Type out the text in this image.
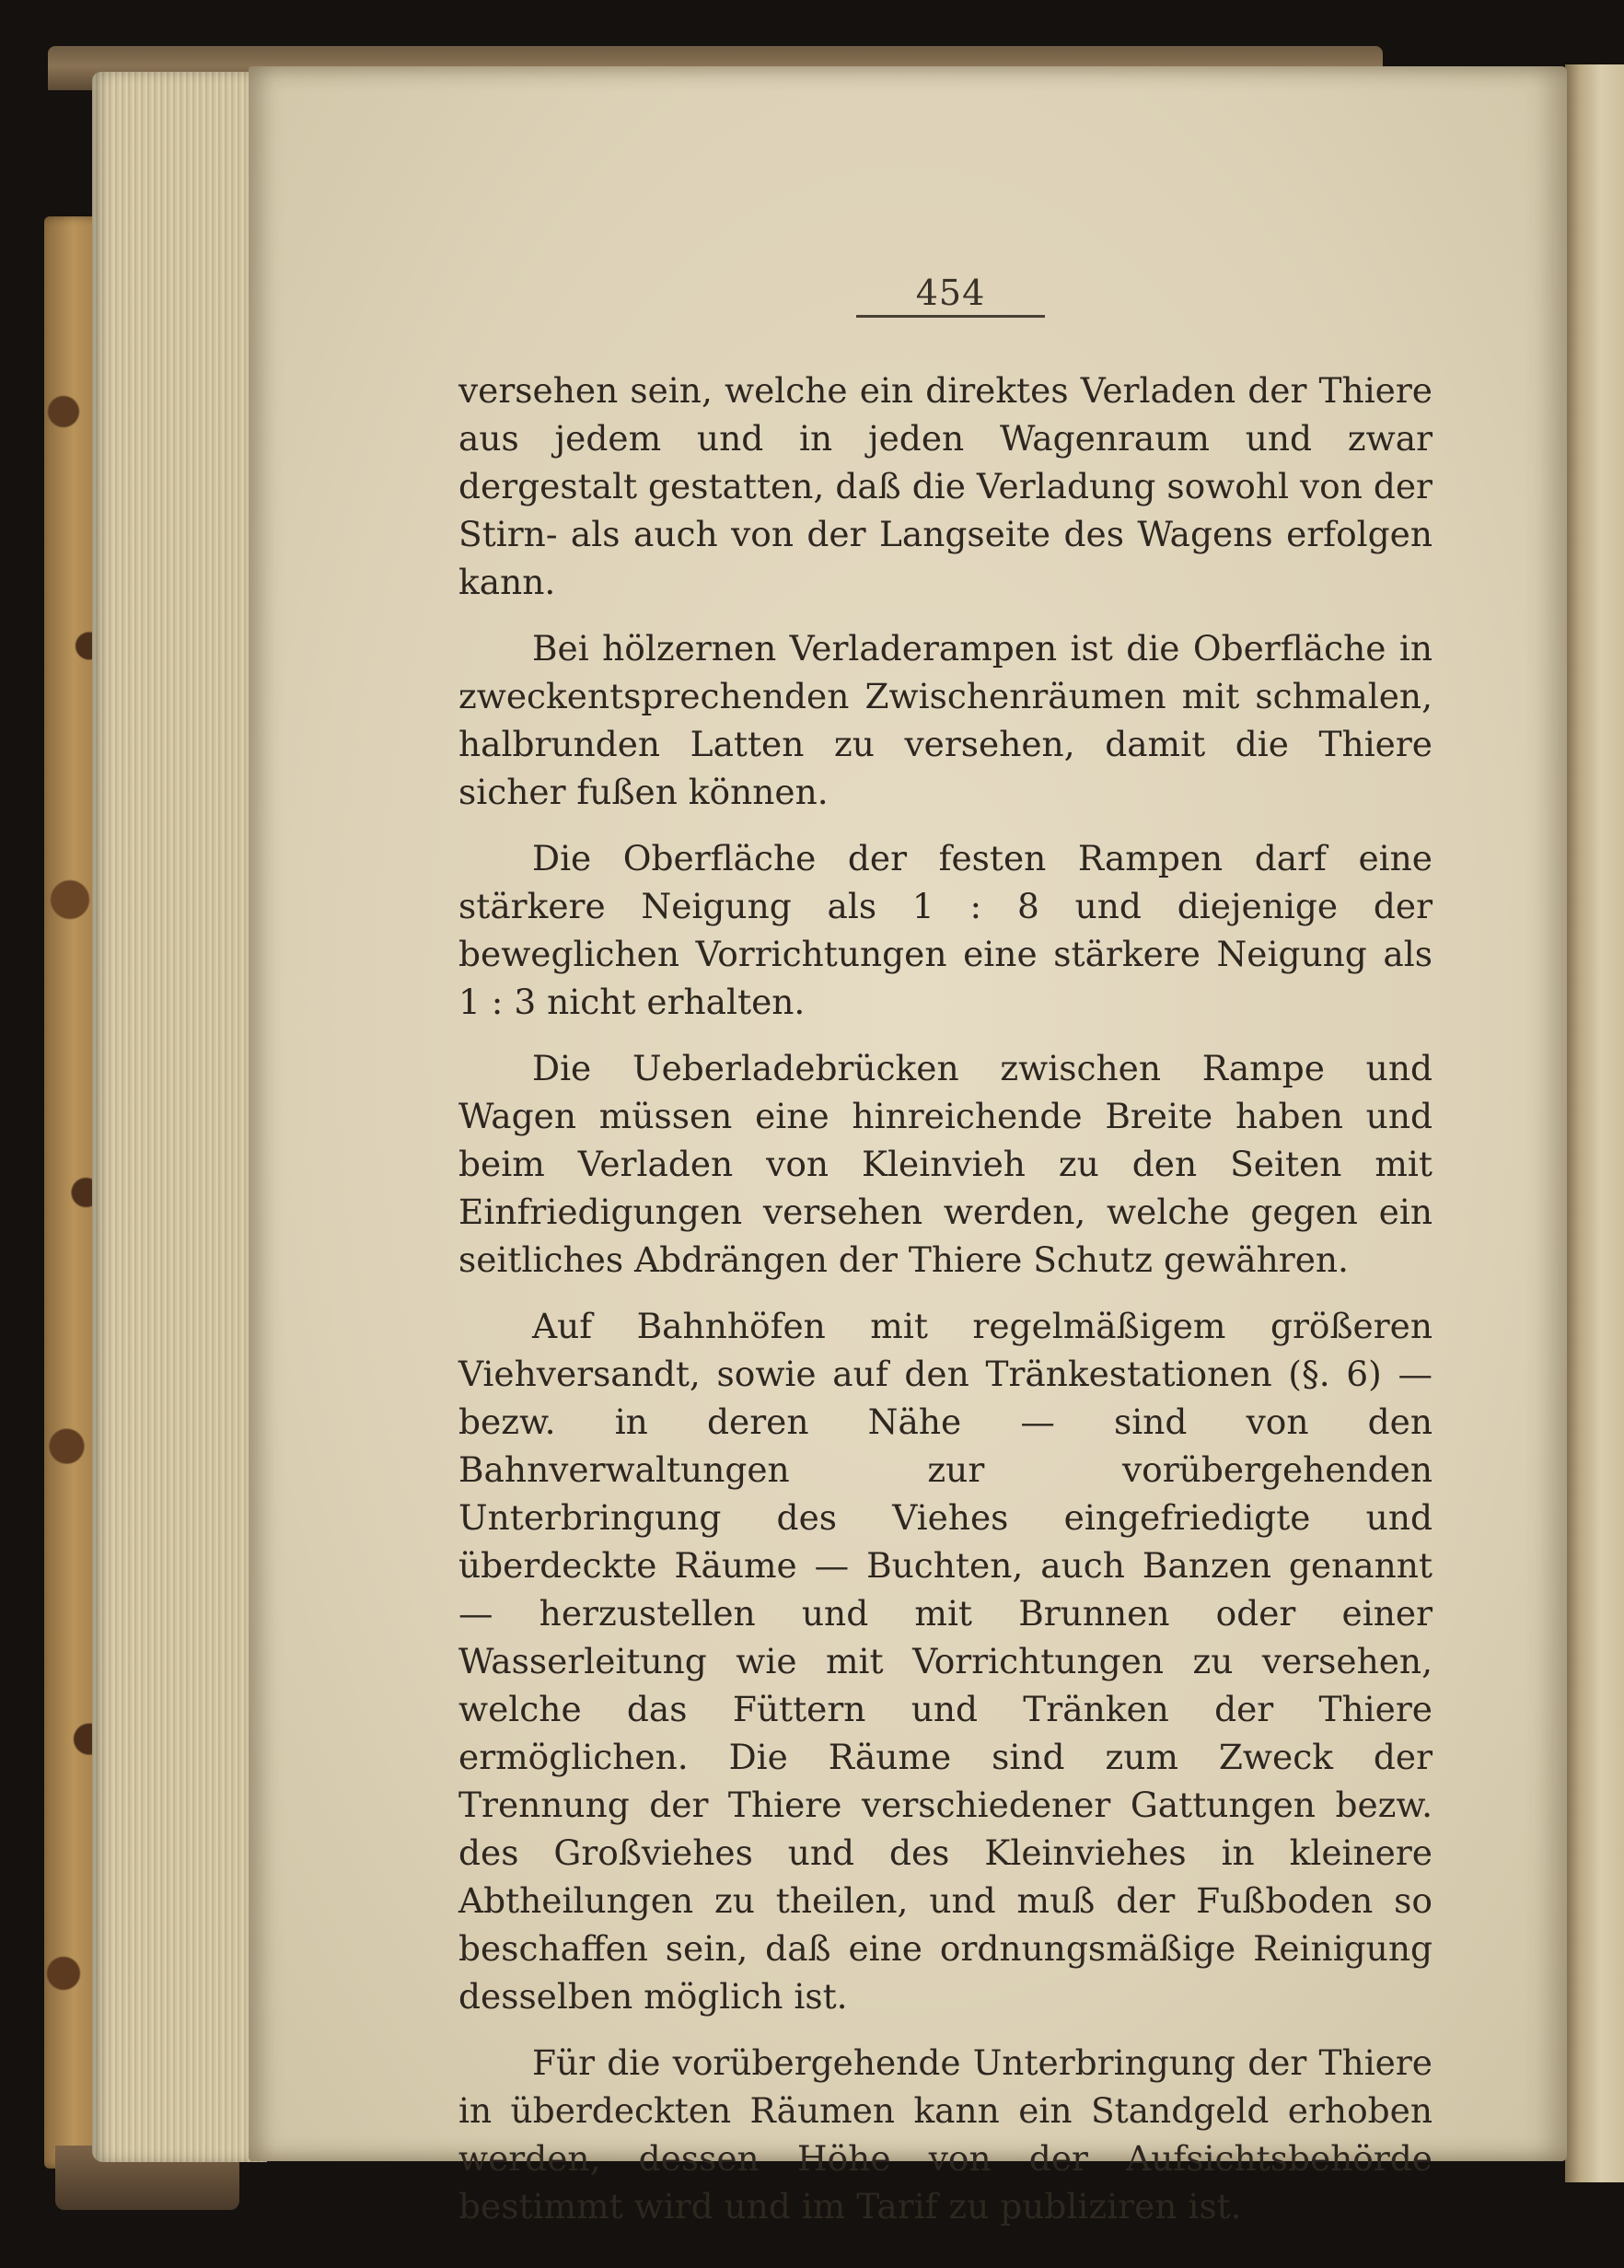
454

versehen sein, welche ein direktes Verladen der Thiere aus jedem und in jeden Wagenraum und zwar dergestalt gestatten, daß die Verladung sowohl von der Stirn- als auch von der Langseite des Wagens erfolgen kann.

Bei hölzernen Verladerampen ist die Oberfläche in zweckentsprechenden Zwischenräumen mit schmalen, halbrunden Latten zu versehen, damit die Thiere sicher fußen können.

Die Oberfläche der festen Rampen darf eine stärkere Neigung als 1 : 8 und diejenige der beweglichen Vorrichtungen eine stärkere Neigung als 1 : 3 nicht erhalten.

Die Ueberladebrücken zwischen Rampe und Wagen müssen eine hinreichende Breite haben und beim Verladen von Kleinvieh zu den Seiten mit Einfriedigungen versehen werden, welche gegen ein seitliches Abdrängen der Thiere Schutz gewähren.

Auf Bahnhöfen mit regelmäßigem größeren Viehversandt, sowie auf den Tränkestationen (§. 6) — bezw. in deren Nähe — sind von den Bahnverwaltungen zur vorübergehenden Unterbringung des Viehes eingefriedigte und überdeckte Räume — Buchten, auch Banzen genannt — herzustellen und mit Brunnen oder einer Wasserleitung wie mit Vorrichtungen zu versehen, welche das Füttern und Tränken der Thiere ermöglichen. Die Räume sind zum Zweck der Trennung der Thiere verschiedener Gattungen bezw. des Großviehes und des Kleinviehes in kleinere Abtheilungen zu theilen, und muß der Fußboden so beschaffen sein, daß eine ordnungsmäßige Reinigung desselben möglich ist.

Für die vorübergehende Unterbringung der Thiere in überdeckten Räumen kann ein Standgeld erhoben werden, dessen Höhe von der Aufsichtsbehörde bestimmt wird und im Tarif zu publiziren ist.
